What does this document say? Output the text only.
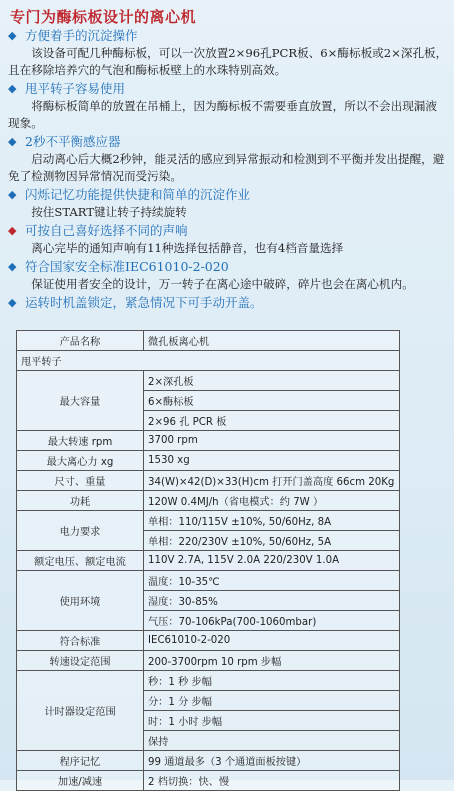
专门为酶标板设计的离心机
◆ 方便着手的沉淀操作
该设备可配几种酶标板，可以一次放置2×96孔PCR板、6×酶标板或2×深孔板，且在移除培养穴的气泡和酶标板壁上的水珠特别高效。
◆ 甩平转子容易使用
将酶标板简单的放置在吊桶上，因为酶标板不需要垂直放置，所以不会出现漏液现象。
◆ 2秒不平衡感应器
启动离心后大概2秒钟，能灵活的感应到异常振动和检测到不平衡并发出提醒，避免了检测物因异常情况而受污染。
◆ 闪烁记忆功能提供快捷和简单的沉淀作业
按住START键让转子持续旋转
◆ 可按自己喜好选择不同的声响
离心完毕的通知声响有11种选择包括静音，也有4档音量选择
◆ 符合国家安全标准IEC61010-2-020
保证使用者安全的设计，万一转子在离心途中破碎，碎片也会在离心机内。
◆ 运转时机盖锁定，紧急情况下可手动开盖。
产品名称	微孔板离心机
甩平转子	
最大容量	2×深孔板
	6×酶标板
	2×96 孔 PCR 板
最大转速 rpm	3700 rpm
最大离心力 xg	1530 xg
尺寸、重量	34(W)×42(D)×33(H)cm 打开门盖高度 66cm 20Kg
功耗	120W 0.4MJ/h（省电模式：约 7W ）
电力要求	单相：110/115V ±10%, 50/60Hz, 8A
	单相：220/230V ±10%, 50/60Hz, 5A
额定电压、额定电流	110V 2.7A, 115V 2.0A 220/230V 1.0A
使用环境	温度：10-35℃
	湿度：30-85%
	气压：70-106kPa(700-1060mbar)
符合标准	IEC61010-2-020
转速设定范围	200-3700rpm 10 rpm 步幅
计时器设定范围	秒：1 秒 步幅
	分：1 分 步幅
	时：1 小时 步幅
	保持
程序记忆	99 通道最多（3 个通道面板按键）
加速/减速	2 档切换：快、慢
